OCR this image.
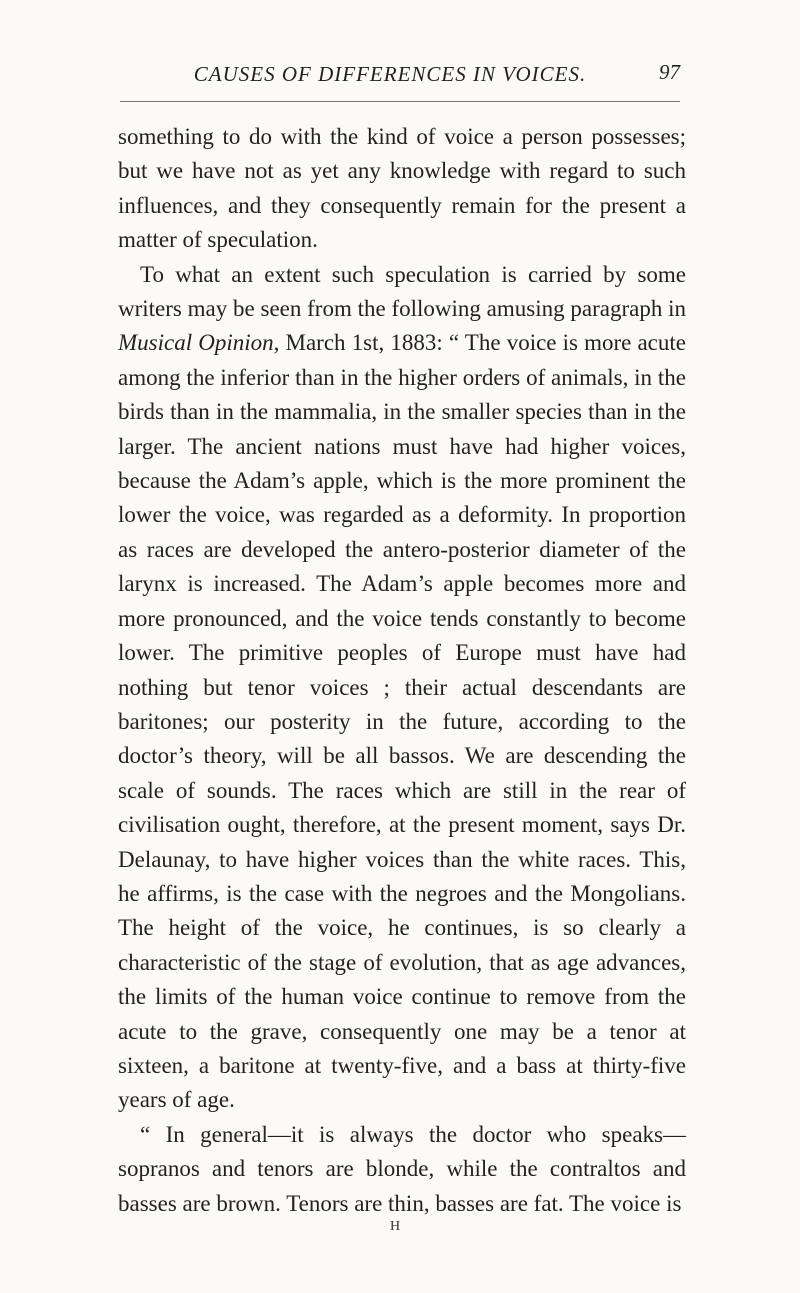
CAUSES OF DIFFERENCES IN VOICES.	97

something to do with the kind of voice a person possesses; but we have not as yet any knowledge with regard to such influences, and they consequently remain for the present a matter of speculation.

To what an extent such speculation is carried by some writers may be seen from the following amusing paragraph in Musical Opinion, March 1st, 1883: “ The voice is more acute among the inferior than in the higher orders of animals, in the birds than in the mammalia, in the smaller species than in the larger. The ancient nations must have had higher voices, because the Adam’s apple, which is the more prominent the lower the voice, was regarded as a deformity. In proportion as races are developed the antero-posterior diameter of the larynx is increased. The Adam’s apple becomes more and more pronounced, and the voice tends constantly to become lower. The primitive peoples of Europe must have had nothing but tenor voices ; their actual descendants are baritones; our posterity in the future, according to the doctor’s theory, will be all bassos. We are descending the scale of sounds. The races which are still in the rear of civilisation ought, therefore, at the present moment, says Dr. Delaunay, to have higher voices than the white races. This, he affirms, is the case with the negroes and the Mongolians. The height of the voice, he continues, is so clearly a characteristic of the stage of evolution, that as age advances, the limits of the human voice continue to remove from the acute to the grave, consequently one may be a tenor at sixteen, a baritone at twenty-five, and a bass at thirty-five years of age.

“ In general—it is always the doctor who speaks—sopranos and tenors are blonde, while the contraltos and basses are brown. Tenors are thin, basses are fat. The voice is

H
